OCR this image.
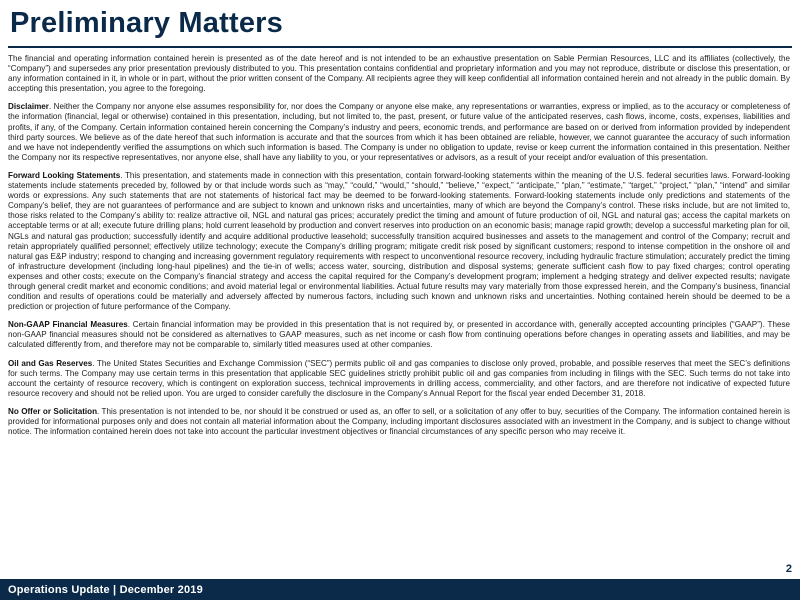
Preliminary Matters

The financial and operating information contained herein is presented as of the date hereof and is not intended to be an exhaustive presentation on Sable Permian Resources, LLC and its affiliates (collectively, the “Company”) and supersedes any prior presentation previously distributed to you. This presentation contains confidential and proprietary information and you may not reproduce, distribute or disclose this presentation, or any information contained in it, in whole or in part, without the prior written consent of the Company. All recipients agree they will keep confidential all information contained herein and not already in the public domain. By accepting this presentation, you agree to the foregoing.

Disclaimer. Neither the Company nor anyone else assumes responsibility for, nor does the Company or anyone else make, any representations or warranties, express or implied, as to the accuracy or completeness of the information (financial, legal or otherwise) contained in this presentation, including, but not limited to, the past, present, or future value of the anticipated reserves, cash flows, income, costs, expenses, liabilities and profits, if any, of the Company. Certain information contained herein concerning the Company’s industry and peers, economic trends, and performance are based on or derived from information provided by independent third party sources. We believe as of the date hereof that such information is accurate and that the sources from which it has been obtained are reliable, however, we cannot guarantee the accuracy of such information and we have not independently verified the assumptions on which such information is based. The Company is under no obligation to update, revise or keep current the information contained in this presentation. Neither the Company nor its respective representatives, nor anyone else, shall have any liability to you, or your representatives or advisors, as a result of your receipt and/or evaluation of this presentation.

Forward Looking Statements. This presentation, and statements made in connection with this presentation, contain forward-looking statements within the meaning of the U.S. federal securities laws. Forward-looking statements include statements preceded by, followed by or that include words such as “may,” “could,” “would,” “should,” “believe,” “expect,” “anticipate,” “plan,” “estimate,” “target,” “project,” “plan,” “intend” and similar words or expressions. Any such statements that are not statements of historical fact may be deemed to be forward-looking statements. Forward-looking statements include only predictions and statements of the Company’s belief, they are not guarantees of performance and are subject to known and unknown risks and uncertainties, many of which are beyond the Company’s control. These risks include, but are not limited to, those risks related to the Company’s ability to: realize attractive oil, NGL and natural gas prices; accurately predict the timing and amount of future production of oil, NGL and natural gas; access the capital markets on acceptable terms or at all; execute future drilling plans; hold current leasehold by production and convert reserves into production on an economic basis; manage rapid growth; develop a successful marketing plan for oil, NGLs and natural gas production; successfully identify and acquire additional productive leasehold; successfully transition acquired businesses and assets to the management and control of the Company; recruit and retain appropriately qualified personnel; effectively utilize technology; execute the Company’s drilling program; mitigate credit risk posed by significant customers; respond to intense competition in the onshore oil and natural gas E&P industry; respond to changing and increasing government regulatory requirements with respect to unconventional resource recovery, including hydraulic fracture stimulation; accurately predict the timing of infrastructure development (including long-haul pipelines) and the tie-in of wells; access water, sourcing, distribution and disposal systems; generate sufficient cash flow to pay fixed charges; control operating expenses and other costs; execute on the Company’s financial strategy and access the capital required for the Company’s development program; implement a hedging strategy and deliver expected results; navigate through general credit market and economic conditions; and avoid material legal or environmental liabilities. Actual future results may vary materially from those expressed herein, and the Company’s business, financial condition and results of operations could be materially and adversely affected by numerous factors, including such known and unknown risks and uncertainties. Nothing contained herein should be deemed to be a prediction or projection of future performance of the Company.

Non-GAAP Financial Measures. Certain financial information may be provided in this presentation that is not required by, or presented in accordance with, generally accepted accounting principles (“GAAP”). These non-GAAP financial measures should not be considered as alternatives to GAAP measures, such as net income or cash flow from continuing operations before changes in operating assets and liabilities, and may be calculated differently from, and therefore may not be comparable to, similarly titled measures used at other companies.

Oil and Gas Reserves. The United States Securities and Exchange Commission (“SEC”) permits public oil and gas companies to disclose only proved, probable, and possible reserves that meet the SEC’s definitions for such terms. The Company may use certain terms in this presentation that applicable SEC guidelines strictly prohibit public oil and gas companies from including in filings with the SEC. Such terms do not take into account the certainty of resource recovery, which is contingent on exploration success, technical improvements in drilling access, commerciality, and other factors, and are therefore not indicative of expected future resource recovery and should not be relied upon. You are urged to consider carefully the disclosure in the Company’s Annual Report for the fiscal year ended December 31, 2018.

No Offer or Solicitation. This presentation is not intended to be, nor should it be construed or used as, an offer to sell, or a solicitation of any offer to buy, securities of the Company. The information contained herein is provided for informational purposes only and does not contain all material information about the Company, including important disclosures associated with an investment in the Company, and is subject to change without notice. The information contained herein does not take into account the particular investment objectives or financial circumstances of any specific person who may receive it.

2
Operations Update | December 2019
